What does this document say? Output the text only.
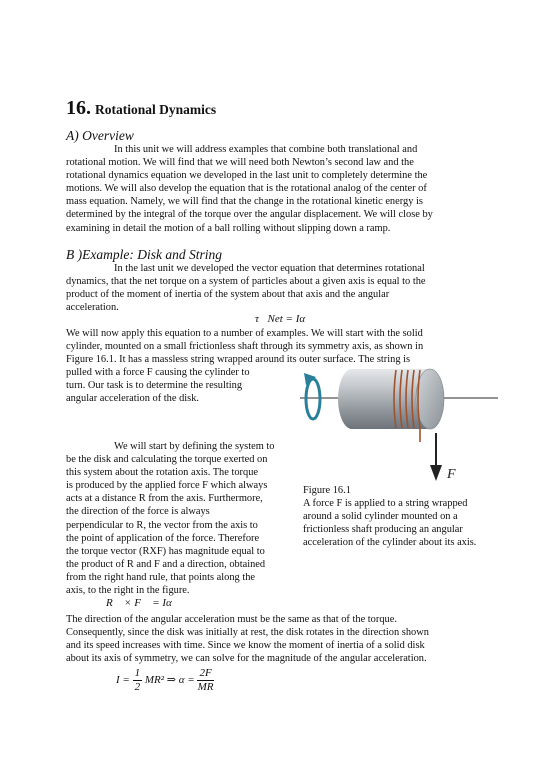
16. Rotational Dynamics
A) Overview
In this unit we will address examples that combine both translational and
rotational motion. We will find that we will need both Newton’s second law and the
rotational dynamics equation we developed in the last unit to completely determine the
motions. We will also develop the equation that is the rotational analog of the center of
mass equation. Namely, we will find that the change in the rotational kinetic energy is
determined by the integral of the torque over the angular displacement. We will close by
examining in detail the motion of a ball rolling without slipping down a ramp.
B )Example: Disk and String
In the last unit we developed the vector equation that determines rotational
dynamics, that the net torque on a system of particles about a given axis is equal to the
product of the moment of inertia of the system about that axis and the angular
acceleration.
τ⃗Net = Iα⃗
We will now apply this equation to a number of examples. We will start with the solid
cylinder, mounted on a small frictionless shaft through its symmetry axis, as shown in
Figure 16.1. It has a massless string wrapped around its outer surface. The string is
pulled with a force F causing the cylinder to
turn. Our task is to determine the resulting
angular acceleration of the disk.
We will start by defining the system to
be the disk and calculating the torque exerted on
this system about the rotation axis. The torque
is produced by the applied force F which always
acts at a distance R from the axis. Furthermore,
the direction of the force is always
perpendicular to R, the vector from the axis to
the point of application of the force. Therefore
the torque vector (RXF) has magnitude equal to
the product of R and F and a direction, obtained
from the right hand rule, that points along the
axis, to the right in the figure.
F
Figure 16.1
A force F is applied to a string wrapped
around a solid cylinder mounted on a
frictionless shaft producing an angular
acceleration of the cylinder about its axis.
R⃗ × F⃗ = Iα⃗
The direction of the angular acceleration must be the same as that of the torque.
Consequently, since the disk was initially at rest, the disk rotates in the direction shown
and its speed increases with time. Since we know the moment of inertia of a solid disk
about its axis of symmetry, we can solve for the magnitude of the angular acceleration.
$I = \frac{1}{2} MR^2$ ⇒ $\alpha = \frac{2F}{MR}$
